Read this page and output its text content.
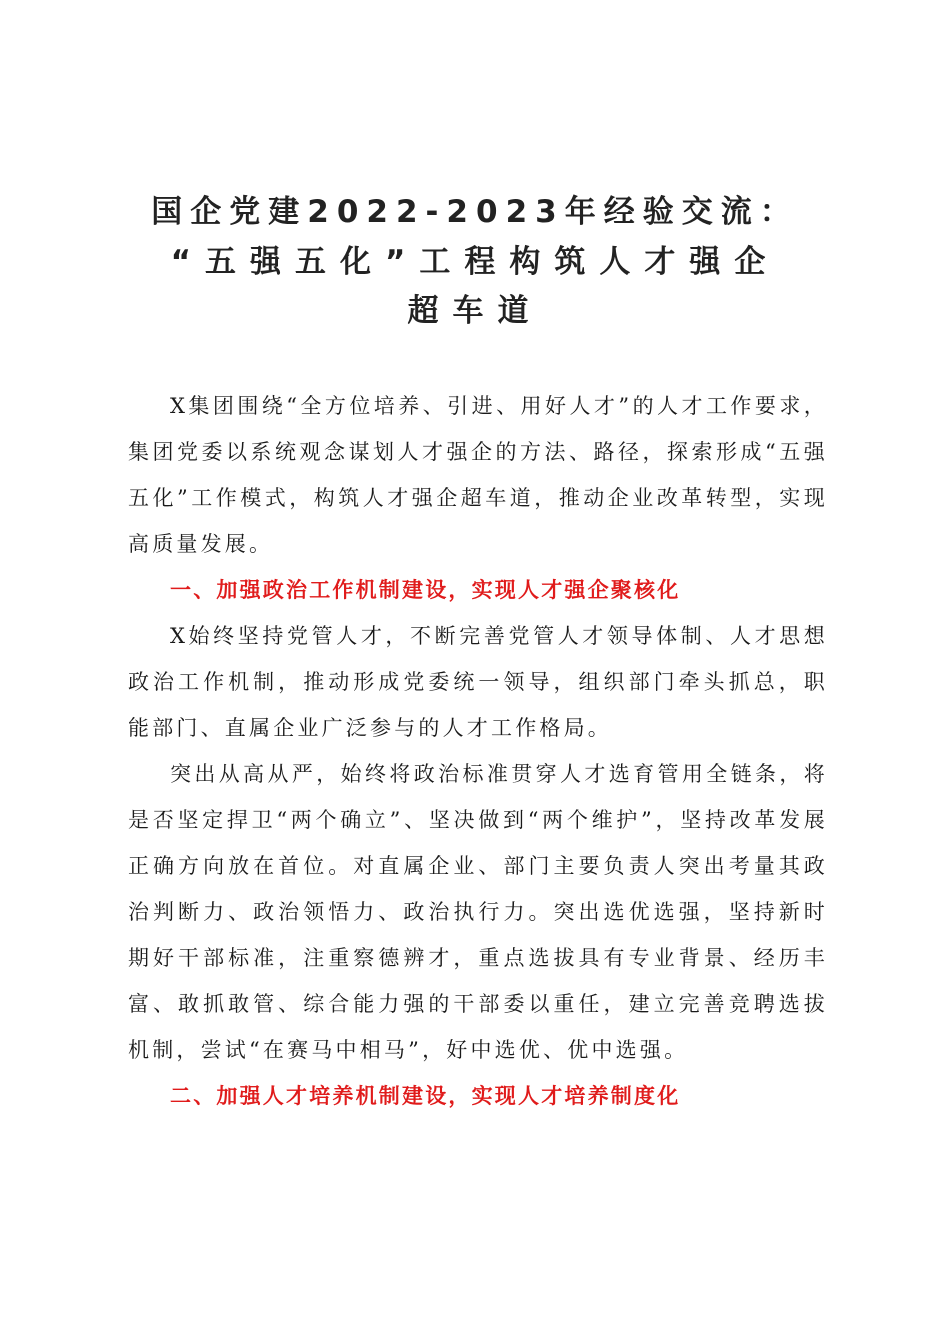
国企党建2022-2023年经验交流：
“五强五化”工程构筑人才强企
超车道
X集团围绕“全方位培养、引进、用好人才”的人才工作要求，集团党委以系统观念谋划人才强企的方法、路径，探索形成“五强五化”工作模式，构筑人才强企超车道，推动企业改革转型，实现高质量发展。
一、加强政治工作机制建设，实现人才强企聚核化
X始终坚持党管人才，不断完善党管人才领导体制、人才思想政治工作机制，推动形成党委统一领导，组织部门牵头抓总，职能部门、直属企业广泛参与的人才工作格局。
突出从高从严，始终将政治标准贯穿人才选育管用全链条，将是否坚定捍卫“两个确立”、坚决做到“两个维护”，坚持改革发展正确方向放在首位。对直属企业、部门主要负责人突出考量其政治判断力、政治领悟力、政治执行力。突出选优选强，坚持新时期好干部标准，注重察德辨才，重点选拔具有专业背景、经历丰富、敢抓敢管、综合能力强的干部委以重任，建立完善竞聘选拔机制，尝试“在赛马中相马”，好中选优、优中选强。
二、加强人才培养机制建设，实现人才培养制度化
